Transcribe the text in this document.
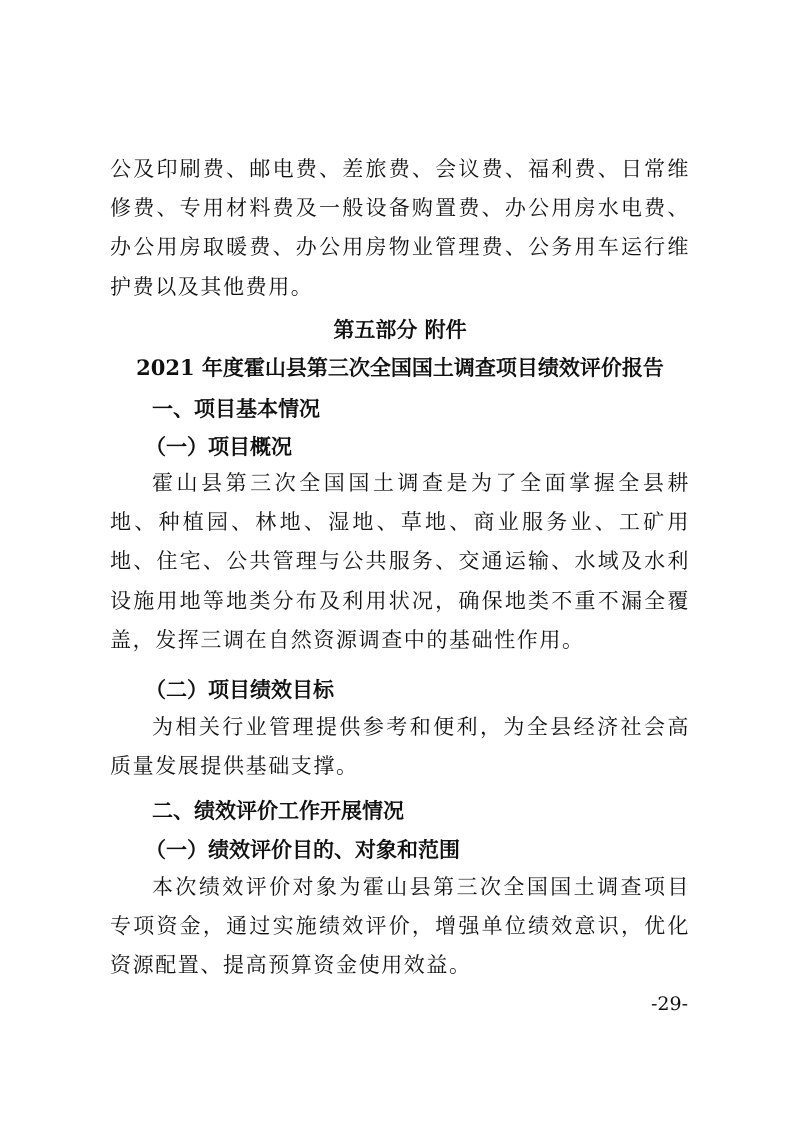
公及印刷费、邮电费、差旅费、会议费、福利费、日常维修费、专用材料费及一般设备购置费、办公用房水电费、办公用房取暖费、办公用房物业管理费、公务用车运行维护费以及其他费用。

第五部分 附件

2021 年度霍山县第三次全国国土调查项目绩效评价报告

一、项目基本情况

（一）项目概况

霍山县第三次全国国土调查是为了全面掌握全县耕地、种植园、林地、湿地、草地、商业服务业、工矿用地、住宅、公共管理与公共服务、交通运输、水域及水利设施用地等地类分布及利用状况，确保地类不重不漏全覆盖，发挥三调在自然资源调查中的基础性作用。

（二）项目绩效目标

为相关行业管理提供参考和便利，为全县经济社会高质量发展提供基础支撑。

二、绩效评价工作开展情况

（一）绩效评价目的、对象和范围

本次绩效评价对象为霍山县第三次全国国土调查项目专项资金，通过实施绩效评价，增强单位绩效意识，优化资源配置、提高预算资金使用效益。

-29-
